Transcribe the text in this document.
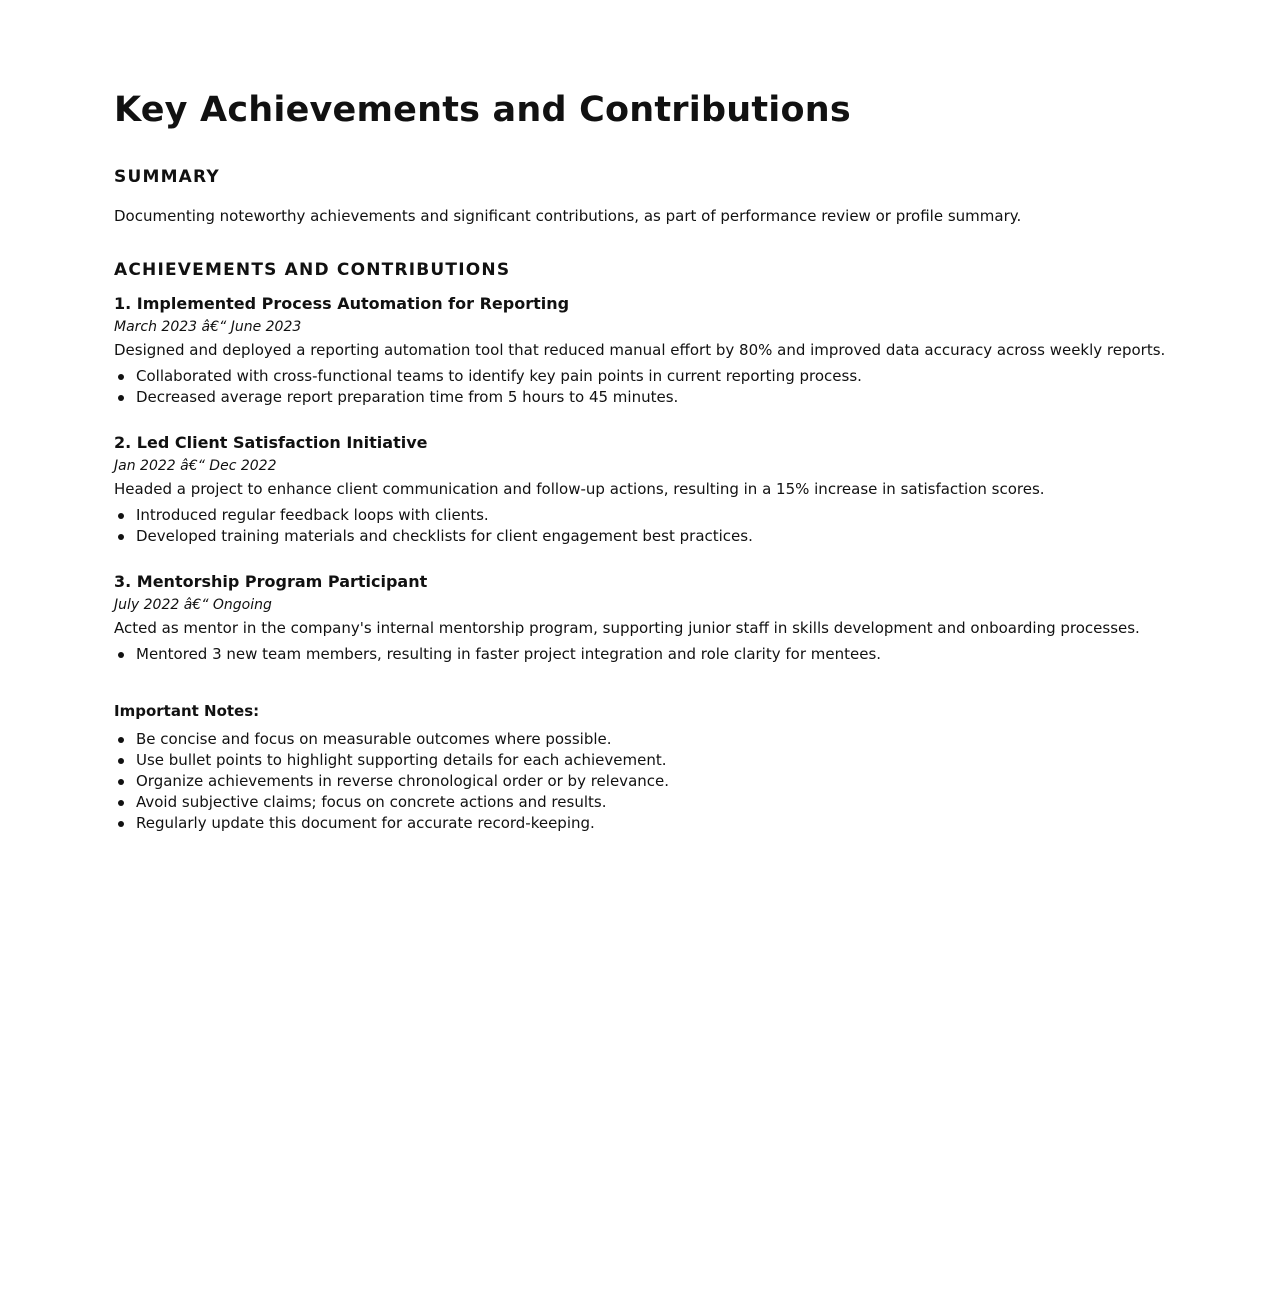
Key Achievements and Contributions
SUMMARY

Documenting noteworthy achievements and significant contributions, as part of performance review or profile summary.

ACHIEVEMENTS AND CONTRIBUTIONS

1. Implemented Process Automation for Reporting

March 2023 â€“ June 2023

Designed and deployed a reporting automation tool that reduced manual effort by 80% and improved data accuracy across weekly reports.

Collaborated with cross-functional teams to identify key pain points in current reporting process.
Decreased average report preparation time from 5 hours to 45 minutes.

2. Led Client Satisfaction Initiative

Jan 2022 â€“ Dec 2022

Headed a project to enhance client communication and follow-up actions, resulting in a 15% increase in satisfaction scores.

Introduced regular feedback loops with clients.
Developed training materials and checklists for client engagement best practices.

3. Mentorship Program Participant

July 2022 â€“ Ongoing

Acted as mentor in the company's internal mentorship program, supporting junior staff in skills development and onboarding processes.

Mentored 3 new team members, resulting in faster project integration and role clarity for mentees.

Important Notes:

Be concise and focus on measurable outcomes where possible.
Use bullet points to highlight supporting details for each achievement.
Organize achievements in reverse chronological order or by relevance.
Avoid subjective claims; focus on concrete actions and results.
Regularly update this document for accurate record-keeping.
